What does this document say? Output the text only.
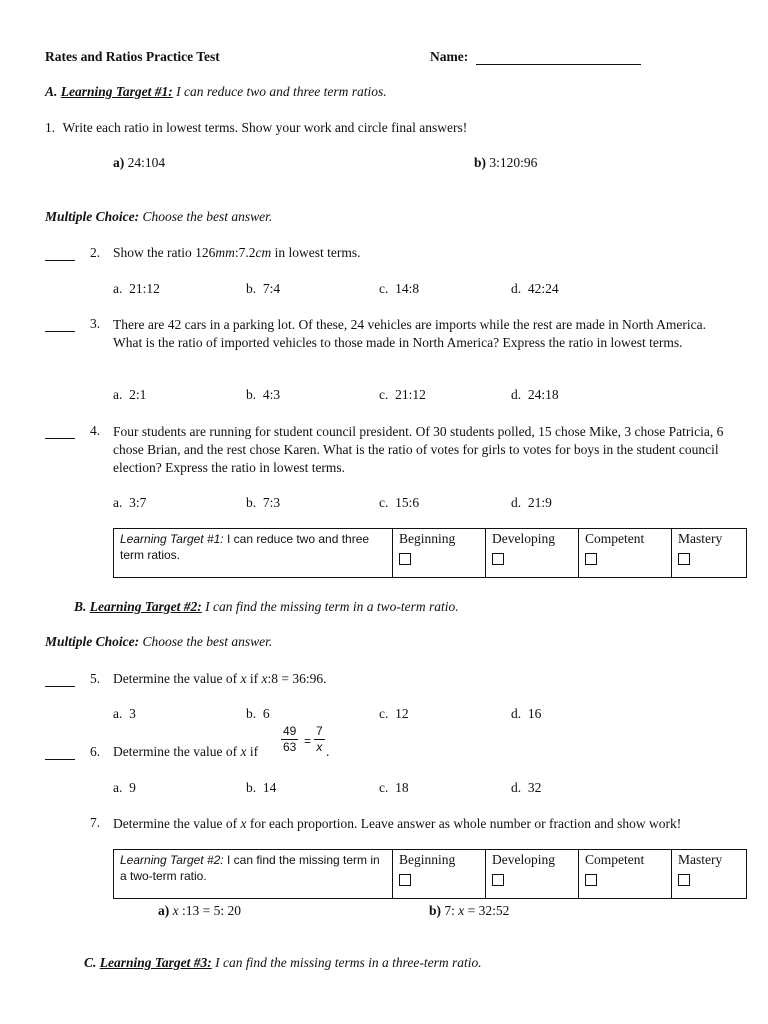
Rates and Ratios Practice Test	Name:
A. Learning Target #1: I can reduce two and three term ratios.
1. Write each ratio in lowest terms. Show your work and circle final answers!
a) 24:104	b) 3:120:96
Multiple Choice: Choose the best answer.
2. Show the ratio 126mm:7.2cm in lowest terms.
a. 21:12	b. 7:4	c. 14:8	d. 42:24
3. There are 42 cars in a parking lot. Of these, 24 vehicles are imports while the rest are made in North America. What is the ratio of imported vehicles to those made in North America? Express the ratio in lowest terms.
a. 2:1	b. 4:3	c. 21:12	d. 24:18
4. Four students are running for student council president. Of 30 students polled, 15 chose Mike, 3 chose Patricia, 6 chose Brian, and the rest chose Karen. What is the ratio of votes for girls to votes for boys in the student council election? Express the ratio in lowest terms.
a. 3:7	b. 7:3	c. 15:6	d. 21:9
Learning Target #1: I can reduce two and three term ratios.	
Beginning	Developing	Competent	Mastery
B. Learning Target #2: I can find the missing term in a two-term ratio.
Multiple Choice: Choose the best answer.
5. Determine the value of x if x:8 = 36:96.
a. 3	b. 6	c. 12	d. 16
6. Determine the value of x if $\frac{49}{63} = \frac{7}{x}$ .
a. 9	b. 14	c. 18	d. 32
7. Determine the value of x for each proportion. Leave answer as whole number or fraction and show work!
Learning Target #2: I can find the missing term in a two-term ratio.	
Beginning	Developing	Competent	Mastery
a) x :13 = 5: 20	b) 7: x = 32:52
C. Learning Target #3: I can find the missing terms in a three-term ratio.
